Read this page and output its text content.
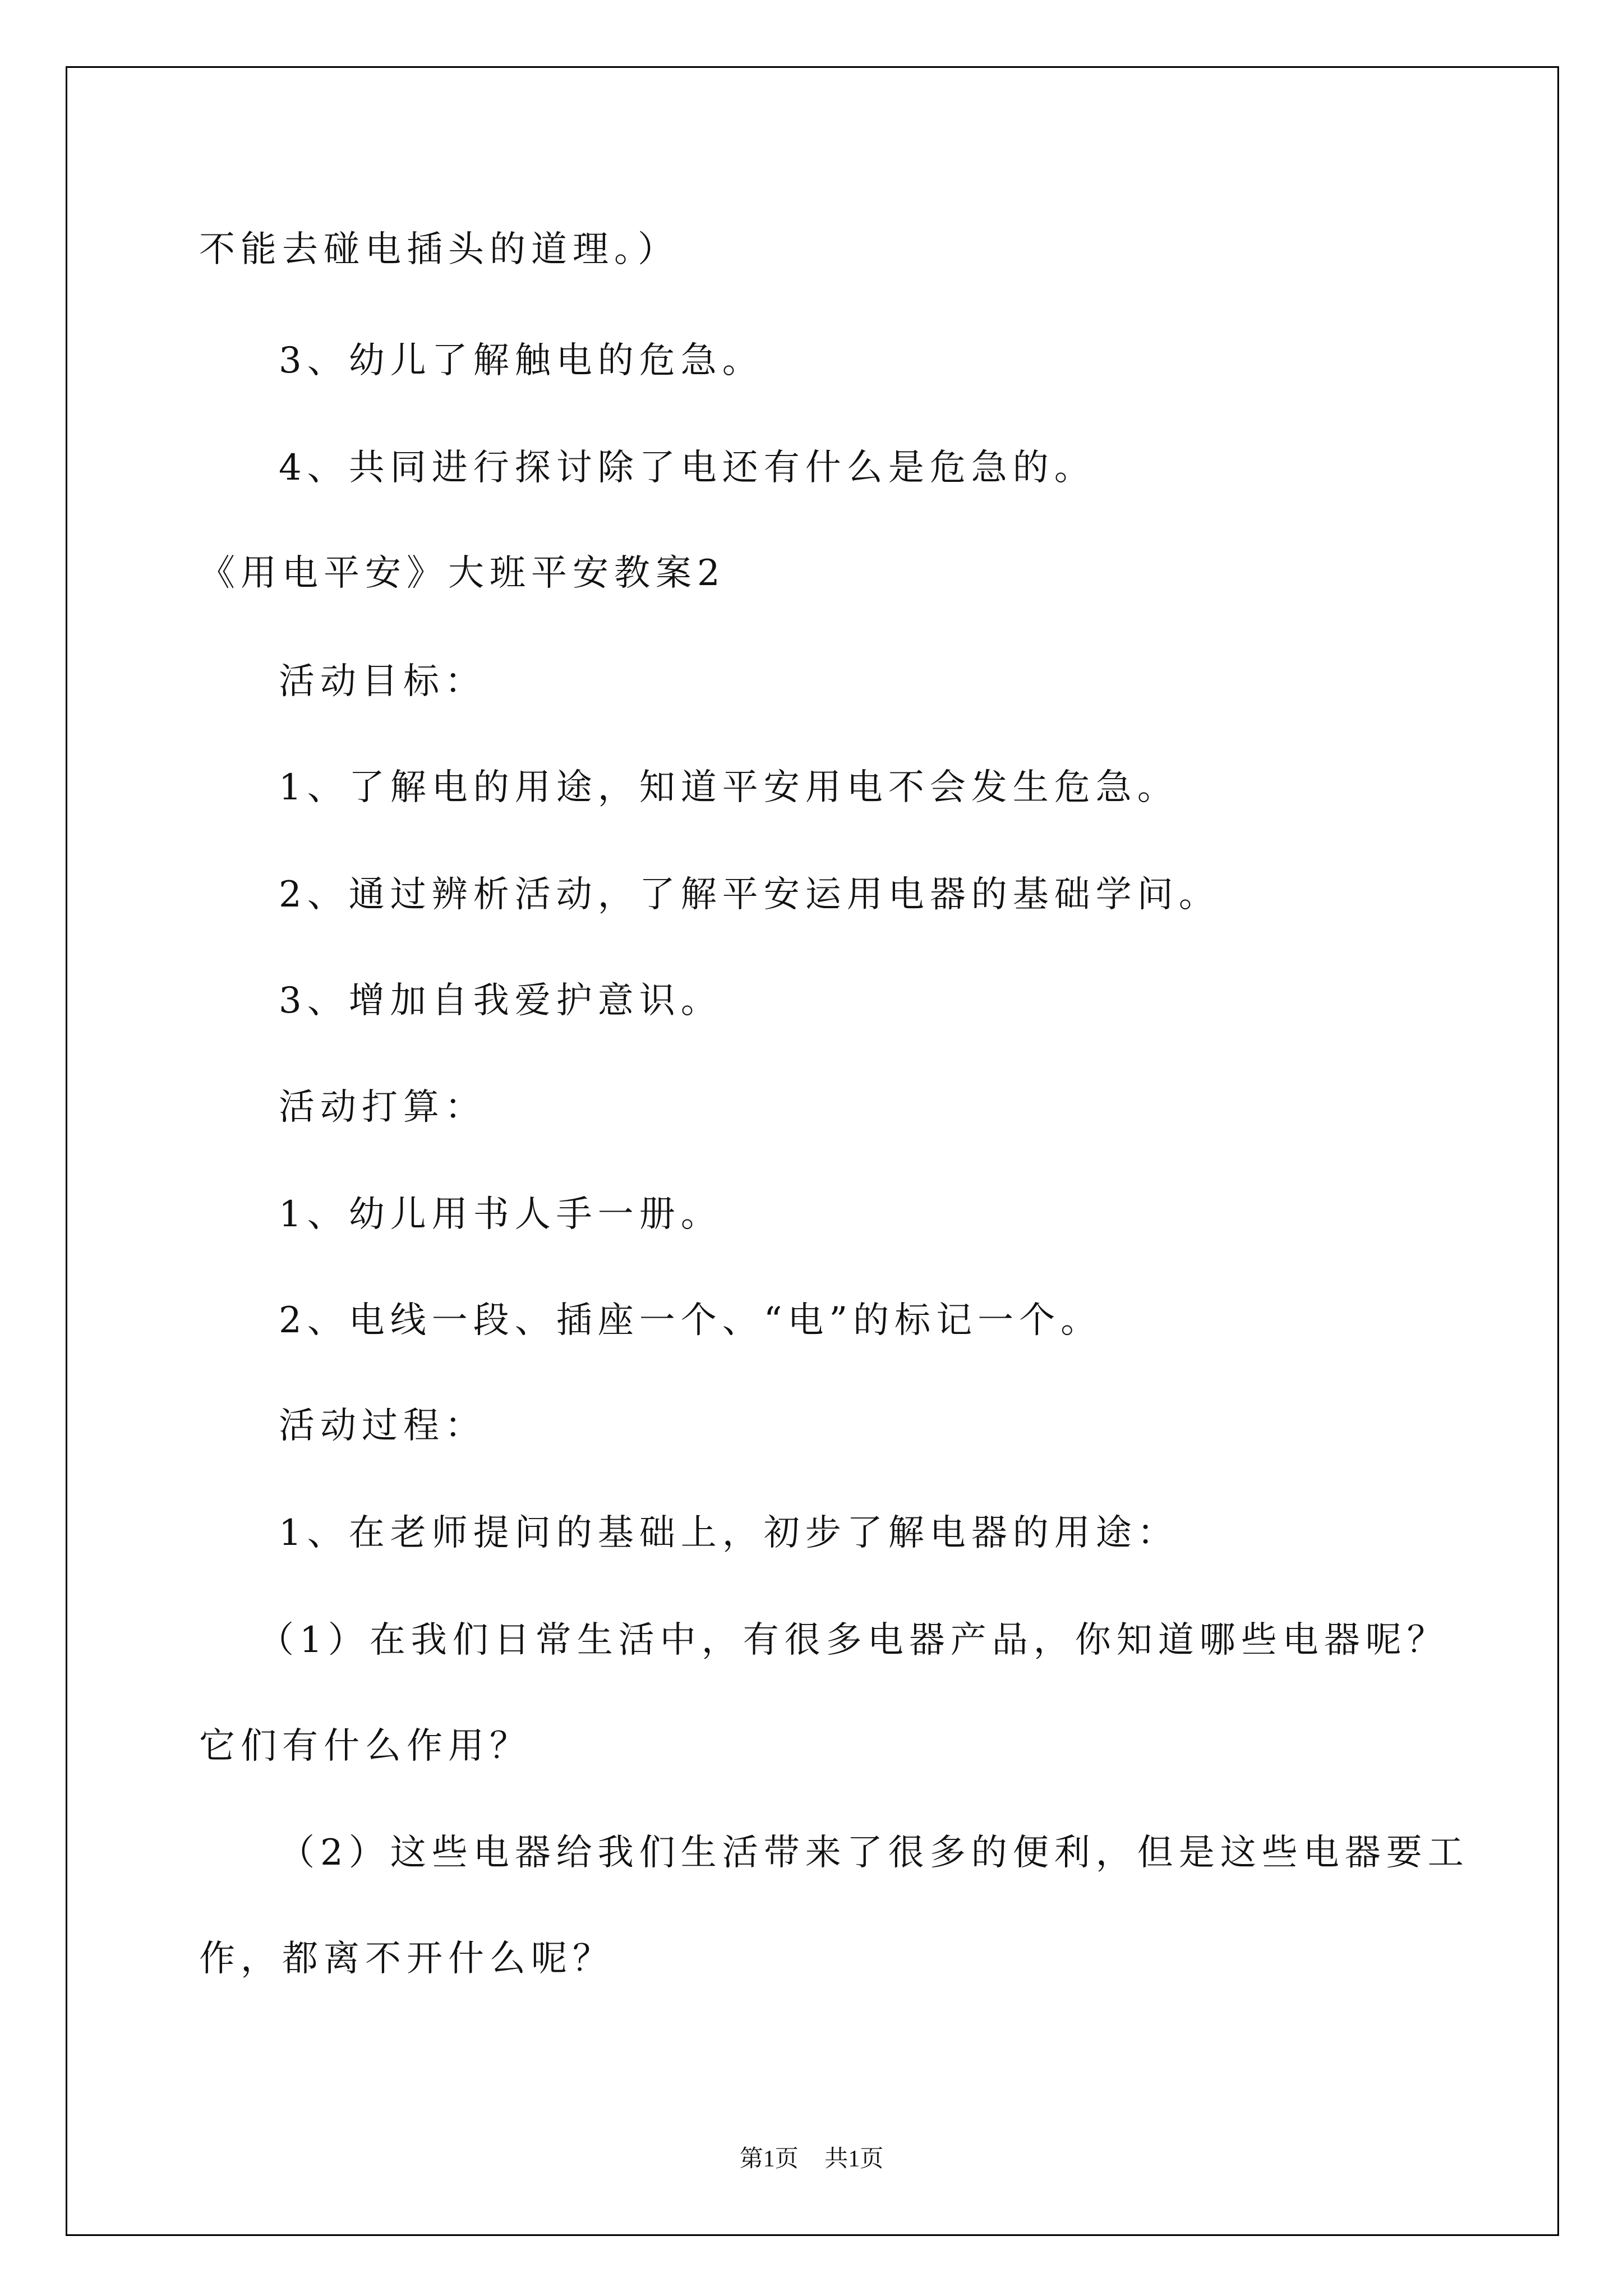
不能去碰电插头的道理。）
3、幼儿了解触电的危急。
4、共同进行探讨除了电还有什么是危急的。
《用电平安》大班平安教案2
活动目标：
1、了解电的用途，知道平安用电不会发生危急。
2、通过辨析活动，了解平安运用电器的基础学问。
3、增加自我爱护意识。
活动打算：
1、幼儿用书人手一册。
2、电线一段、插座一个、“电”的标记一个。
活动过程：
1、在老师提问的基础上，初步了解电器的用途：
（1）在我们日常生活中，有很多电器产品，你知道哪些电器呢？
它们有什么作用？
（2）这些电器给我们生活带来了很多的便利，但是这些电器要工
作，都离不开什么呢？
第1页 共1页
